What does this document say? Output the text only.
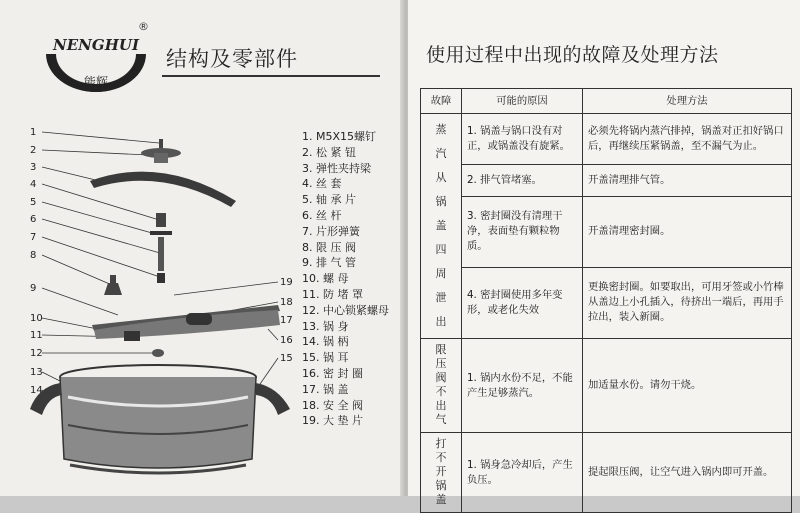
NENGHUI
能辉
®
结构及零部件
1
2
3
4
5
6
7
8
9
10
11
12
13
14
19
18
17
16
15
1. M5X15螺钉
2. 松 紧 钮
3. 弹性夹持梁
4. 丝 套
5. 轴 承 片
6. 丝 杆
7. 片形弹簧
8. 限 压 阀
9. 排 气 管
10. 螺 母
11. 防 堵 罩
12. 中心锁紧螺母
13. 锅 身
14. 锅 柄
15. 锅 耳
16. 密 封 圈
17. 锅 盖
18. 安 全 阀
19. 大 垫 片
使用过程中出现的故障及处理方法
故障	可能的原因	处理方法
蒸汽从锅盖四周泄出	1. 锅盖与锅口没有对正，或锅盖没有旋紧。	必须先将锅内蒸汽排掉，锅盖对正扣好锅口后，再继续压紧锅盖，至不漏气为止。
	2. 排气管堵塞。	开盖清理排气管。
	3. 密封圈没有清理干净，表面垫有颗粒物质。	开盖清理密封圈。
	4. 密封圈使用多年变形，或老化失效	更换密封圈。如要取出，可用牙签或小竹棒从盖边上小孔插入，待挤出一端后，再用手拉出，装入新圈。
限压阀不出气	1. 锅内水份不足，不能产生足够蒸汽。	加适量水份。请勿干烧。
打不开锅盖	1. 锅身急冷却后，产生负压。	提起限压阀，让空气进入锅内即可开盖。
